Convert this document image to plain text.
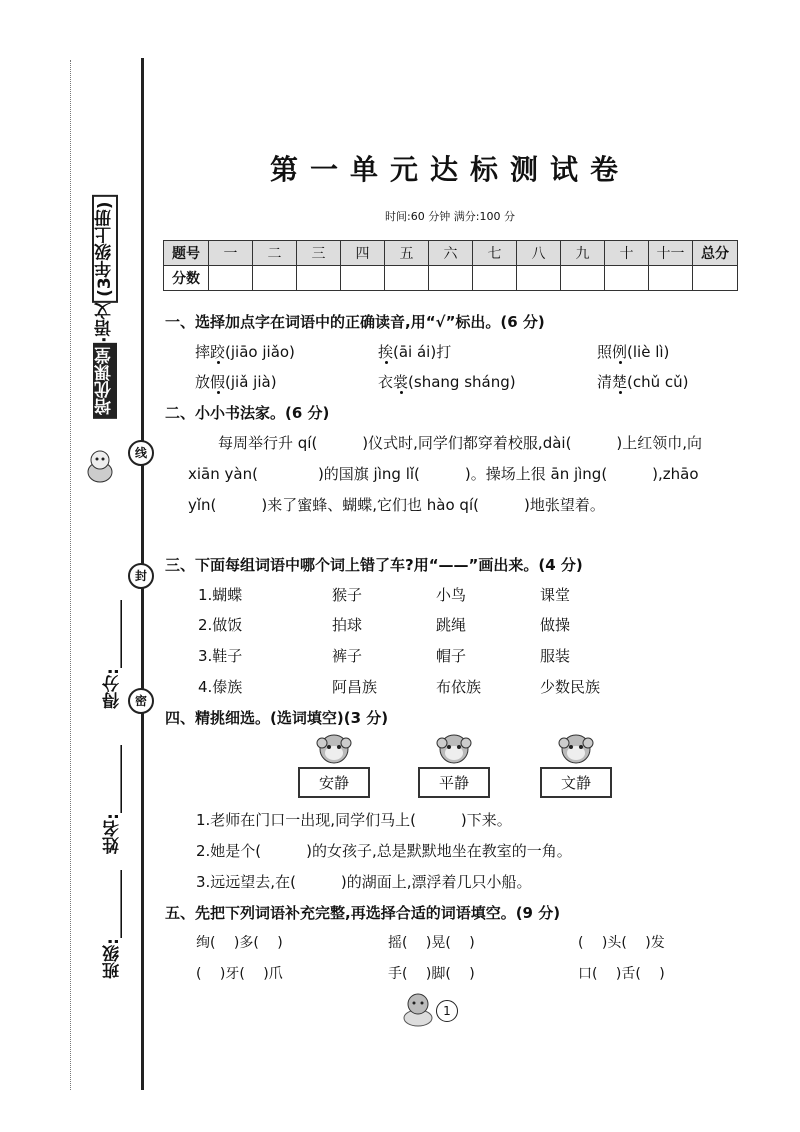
培优课堂·语文(3年级上册)
班级:________
姓名:________
得分:________
线
封
密
第一单元达标测试卷
时间:60 分钟 满分:100 分
题号	一	二	三	四	五	六	七	八	九	十	十一	总分
分数												
一、选择加点字在词语中的正确读音,用“√”标出。(6 分)
摔跤(jiāo jiǎo)	挨(āi ái)打	照例(liè lì)
放假(jiǎ jià)	衣裳(shang sháng)	清楚(chǔ cǔ)
二、小小书法家。(6 分)
每周举行升 qí(　　　)仪式时,同学们都穿着校服,dài(　　　)上红领巾,向 xiān yàn(　　　　)的国旗 jìng lǐ(　　　)。操场上很 ān jìng(　　　),zhāo yǐn(　　　)来了蜜蜂、蝴蝶,它们也 hào qí(　　　)地张望着。
三、下面每组词语中哪个词上错了车?用“——”画出来。(4 分)
1.蝴蝶	猴子	小鸟	课堂
2.做饭	拍球	跳绳	做操
3.鞋子	裤子	帽子	服装
4.傣族	阿昌族	布依族	少数民族
四、精挑细选。(选词填空)(3 分)
安静	平静	文静
1.老师在门口一出现,同学们马上(　　　)下来。
2.她是个(　　　)的女孩子,总是默默地坐在教室的一角。
3.远远望去,在(　　　)的湖面上,漂浮着几只小船。
五、先把下列词语补充完整,再选择合适的词语填空。(9 分)
绚(　 )多(　 )	摇(　 )晃(　 )	(　 )头(　 )发
(　 )牙(　 )爪	手(　 )脚(　 )	口(　 )舌(　 )
1
